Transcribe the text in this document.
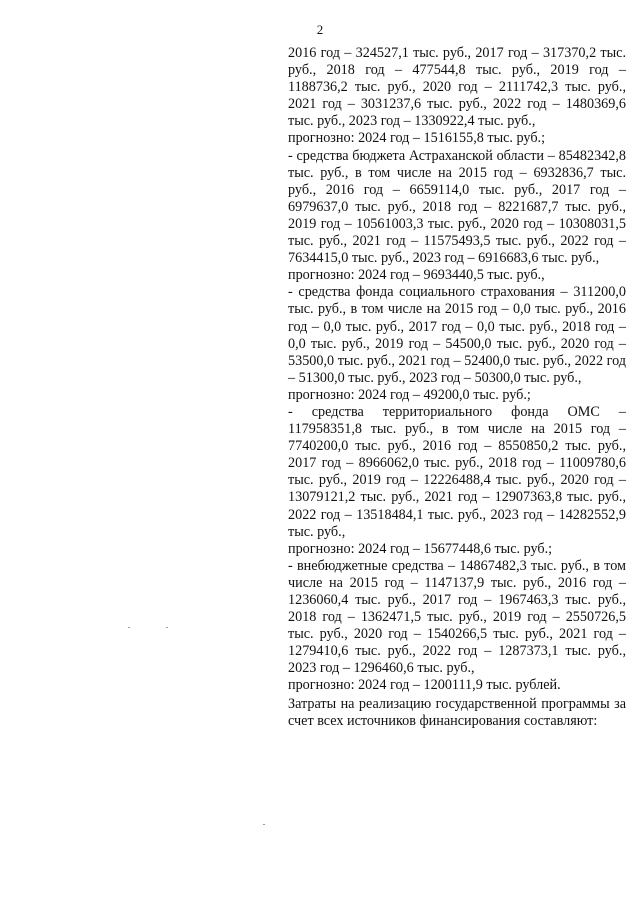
2

2016 год – 324527,1 тыс. руб., 2017 год – 317370,2 тыс. руб., 2018 год – 477544,8 тыс. руб., 2019 год – 1188736,2 тыс. руб., 2020 год – 2111742,3 тыс. руб., 2021 год – 3031237,6 тыс. руб., 2022 год – 1480369,6 тыс. руб., 2023 год – 1330922,4 тыс. руб.,

прогнозно: 2024 год – 1516155,8 тыс. руб.;

- средства бюджета Астраханской области – 85482342,8 тыс. руб., в том числе на 2015 год – 6932836,7 тыс. руб., 2016 год – 6659114,0 тыс. руб., 2017 год – 6979637,0 тыс. руб., 2018 год – 8221687,7 тыс. руб., 2019 год – 10561003,3 тыс. руб., 2020 год – 10308031,5 тыс. руб., 2021 год – 11575493,5 тыс. руб., 2022 год – 7634415,0 тыс. руб., 2023 год – 6916683,6 тыс. руб.,

прогнозно: 2024 год – 9693440,5 тыс. руб.,

- средства фонда социального страхования – 311200,0 тыс. руб., в том числе на 2015 год – 0,0 тыс. руб., 2016 год – 0,0 тыс. руб., 2017 год – 0,0 тыс. руб., 2018 год – 0,0 тыс. руб., 2019 год – 54500,0 тыс. руб., 2020 год – 53500,0 тыс. руб., 2021 год – 52400,0 тыс. руб., 2022 год – 51300,0 тыс. руб., 2023 год – 50300,0 тыс. руб.,

прогнозно: 2024 год – 49200,0 тыс. руб.;

- средства территориального фонда ОМС – 117958351,8 тыс. руб., в том числе на 2015 год – 7740200,0 тыс. руб., 2016 год – 8550850,2 тыс. руб., 2017 год – 8966062,0 тыс. руб., 2018 год – 11009780,6 тыс. руб., 2019 год – 12226488,4 тыс. руб., 2020 год – 13079121,2 тыс. руб., 2021 год – 12907363,8 тыс. руб., 2022 год – 13518484,1 тыс. руб., 2023 год – 14282552,9 тыс. руб.,

прогнозно: 2024 год – 15677448,6 тыс. руб.;

- внебюджетные средства – 14867482,3 тыс. руб., в том числе на 2015 год – 1147137,9 тыс. руб., 2016 год – 1236060,4 тыс. руб., 2017 год – 1967463,3 тыс. руб., 2018 год – 1362471,5 тыс. руб., 2019 год – 2550726,5 тыс. руб., 2020 год – 1540266,5 тыс. руб., 2021 год – 1279410,6 тыс. руб., 2022 год – 1287373,1 тыс. руб., 2023 год – 1296460,6 тыс. руб.,

прогнозно: 2024 год – 1200111,9 тыс. рублей.

Затраты на реализацию государственной программы за счет всех источников финансирования составляют:
